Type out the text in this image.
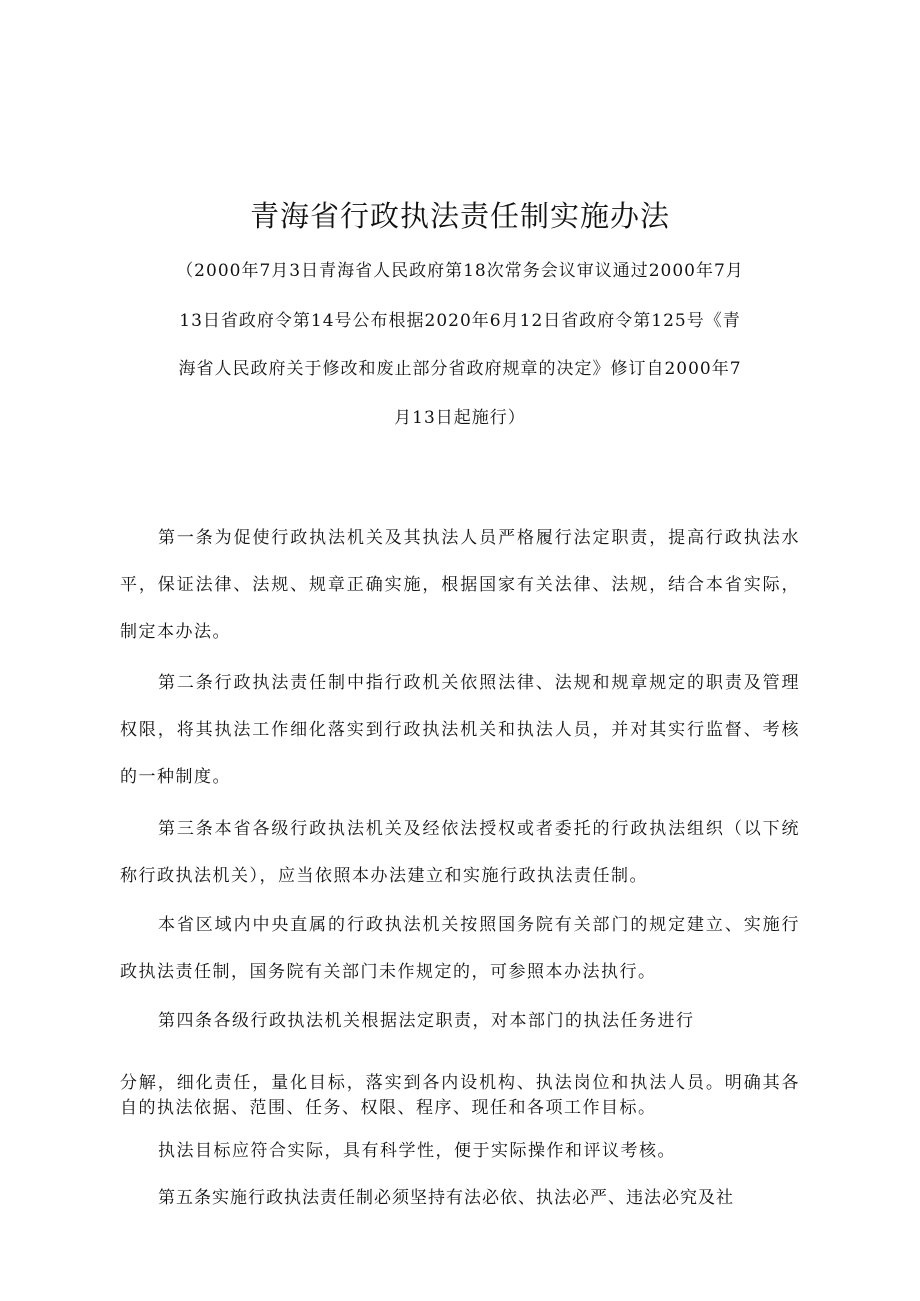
青海省行政执法责任制实施办法
（2000年7月3日青海省人民政府第18次常务会议审议通过2000年7月
13日省政府令第14号公布根据2020年6月12日省政府令第125号《青
海省人民政府关于修改和废止部分省政府规章的决定》修订自2000年7
月13日起施行）

第一条为促使行政执法机关及其执法人员严格履行法定职责，提高行政执法水平，保证法律、法规、规章正确实施，根据国家有关法律、法规，结合本省实际，制定本办法。

第二条行政执法责任制中指行政机关依照法律、法规和规章规定的职责及管理权限，将其执法工作细化落实到行政执法机关和执法人员，并对其实行监督、考核的一种制度。

第三条本省各级行政执法机关及经依法授权或者委托的行政执法组织（以下统称行政执法机关），应当依照本办法建立和实施行政执法责任制。

本省区域内中央直属的行政执法机关按照国务院有关部门的规定建立、实施行政执法责任制，国务院有关部门未作规定的，可参照本办法执行。

第四条各级行政执法机关根据法定职责，对本部门的执法任务进行

分解，细化责任，量化目标，落实到各内设机构、执法岗位和执法人员。明确其各自的执法依据、范围、任务、权限、程序、现任和各项工作目标。

执法目标应符合实际，具有科学性，便于实际操作和评议考核。

第五条实施行政执法责任制必须坚持有法必依、执法必严、违法必究及社
